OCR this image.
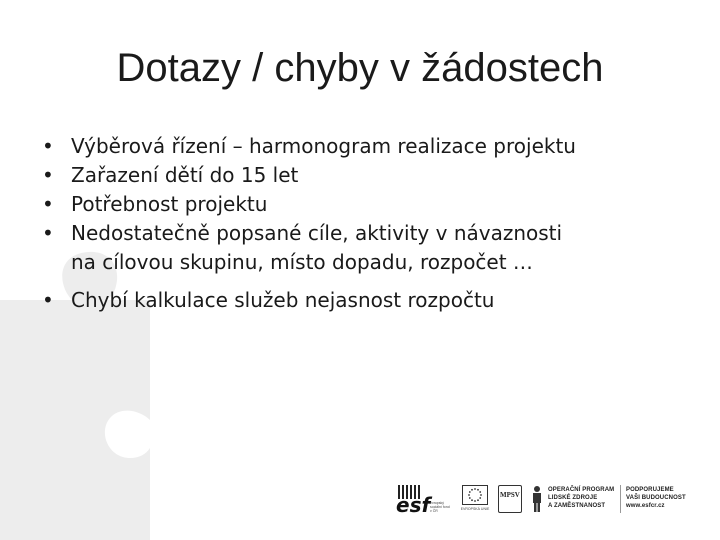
Dotazy / chyby v žádostech
• Výběrová řízení – harmonogram realizace projektu
• Zařazení dětí do 15 let
• Potřebnost projektu
• Nedostatečně popsané cíle, aktivity v návaznosti
na cílovou skupinu, místo dopadu, rozpočet …
• Chybí kalkulace služeb nejasnost rozpočtu
esf evropský sociální fond v ČR	EVROPSKÁ UNIE
MPSV
OPERAČNÍ PROGRAM
LIDSKÉ ZDROJE
A ZAMĚSTNANOST
PODPORUJEME
VAŠI BUDOUCNOST
www.esfcr.cz
